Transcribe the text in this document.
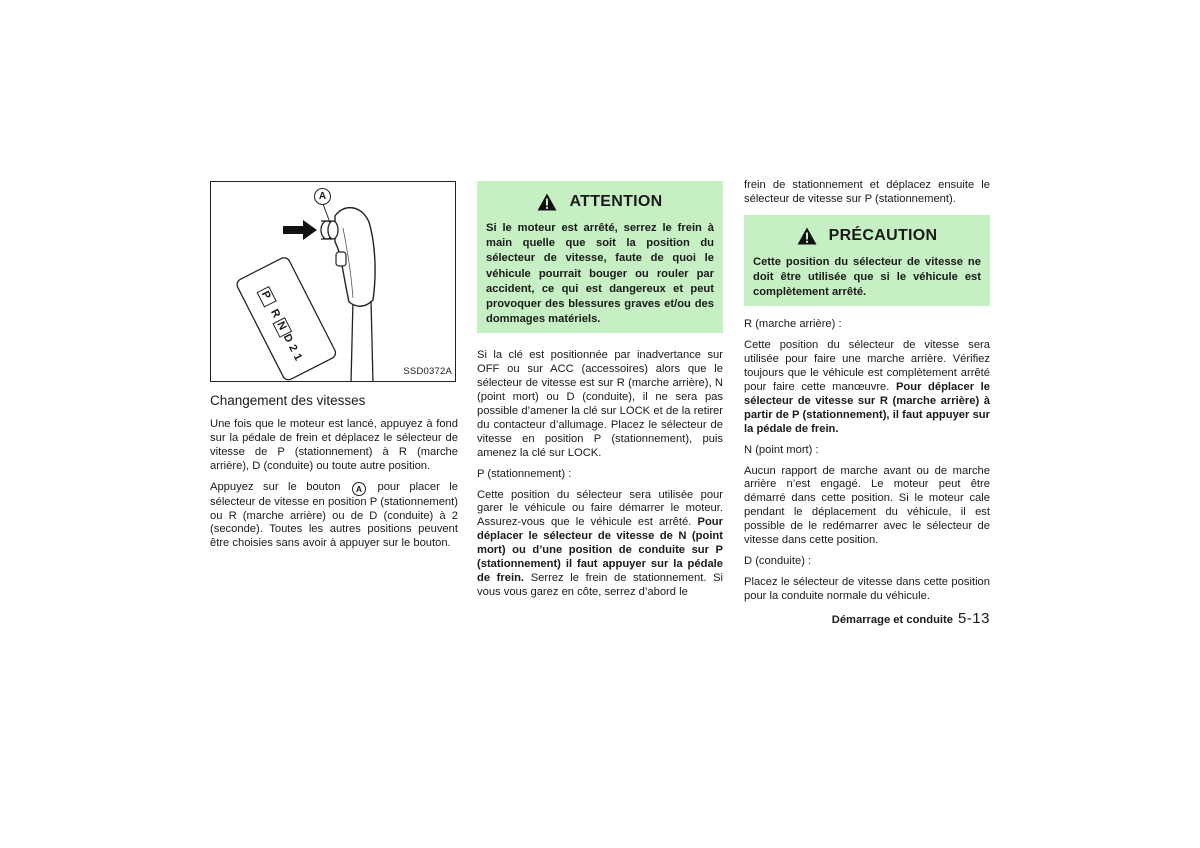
A
PRND21
SSD0372A
Changement des vitesses

Une fois que le moteur est lancé, appuyez à fond sur la pédale de frein et déplacez le sélecteur de vitesse de P (stationnement) à R (marche arrière), D (conduite) ou toute autre position.

Appuyez sur le bouton A pour placer le sélecteur de vitesse en position P (stationnement) ou R (marche arrière) ou de D (conduite) à 2 (seconde). Toutes les autres positions peuvent être choisies sans avoir à appuyer sur le bouton.

ATTENTION
Si le moteur est arrêté, serrez le frein à main quelle que soit la position du sélecteur de vitesse, faute de quoi le véhicule pourrait bouger ou rouler par accident, ce qui est dangereux et peut provoquer des blessures graves et/ou des dommages matériels.

Si la clé est positionnée par inadvertance sur OFF ou sur ACC (accessoires) alors que le sélecteur de vitesse est sur R (marche arrière), N (point mort) ou D (conduite), il ne sera pas possible d’amener la clé sur LOCK et de la retirer du contacteur d’allumage. Placez le sélecteur de vitesse en position P (stationnement), puis amenez la clé sur LOCK.

P (stationnement) :

Cette position du sélecteur sera utilisée pour garer le véhicule ou faire démarrer le moteur. Assurez-vous que le véhicule est arrêté. Pour déplacer le sélecteur de vitesse de N (point mort) ou d’une position de conduite sur P (stationnement) il faut appuyer sur la pédale de frein. Serrez le frein de stationnement. Si vous vous garez en côte, serrez d’abord le

frein de stationnement et déplacez ensuite le sélecteur de vitesse sur P (stationnement).

PRÉCAUTION
Cette position du sélecteur de vitesse ne doit être utilisée que si le véhicule est complètement arrêté.

R (marche arrière) :

Cette position du sélecteur de vitesse sera utilisée pour faire une marche arrière. Vérifiez toujours que le véhicule est complètement arrêté pour faire cette manœuvre. Pour déplacer le sélecteur de vitesse sur R (marche arrière) à partir de P (stationnement), il faut appuyer sur la pédale de frein.

N (point mort) :

Aucun rapport de marche avant ou de marche arrière n’est engagé. Le moteur peut être démarré dans cette position. Si le moteur cale pendant le déplacement du véhicule, il est possible de le redémarrer avec le sélecteur de vitesse dans cette position.

D (conduite) :

Placez le sélecteur de vitesse dans cette position pour la conduite normale du véhicule.

Démarrage et conduite 5-13
